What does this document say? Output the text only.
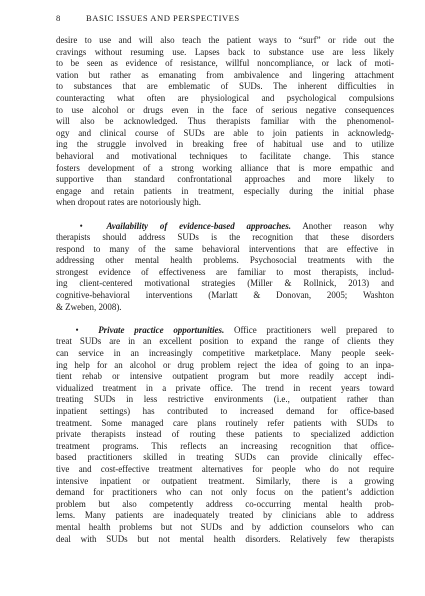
8	BASIC ISSUES AND PERSPECTIVES
desire to use and will also teach the patient ways to “surf” or ride out the
cravings without resuming use. Lapses back to substance use are less likely
to be seen as evidence of resistance, willful noncompliance, or lack of moti-
vation but rather as emanating from ambivalence and lingering attachment
to substances that are emblematic of SUDs. The inherent difficulties in
counteracting what often are physiological and psychological compulsions
to use alcohol or drugs even in the face of serious negative consequences
will also be acknowledged. Thus therapists familiar with the phenomenol-
ogy and clinical course of SUDs are able to join patients in acknowledg-
ing the struggle involved in breaking free of habitual use and to utilize
behavioral and motivational techniques to facilitate change. This stance
fosters development of a strong working alliance that is more empathic and
supportive than standard confrontational approaches and more likely to
engage and retain patients in treatment, especially during the initial phase
when dropout rates are notoriously high.
•	Availability of evidence-based approaches. Another reason why
therapists should address SUDs is the recognition that these disorders
respond to many of the same behavioral interventions that are effective in
addressing other mental health problems. Psychosocial treatments with the
strongest evidence of effectiveness are familiar to most therapists, includ-
ing client-centered motivational strategies (Miller & Rollnick, 2013) and
cognitive-behavioral interventions (Marlatt & Donovan, 2005; Washton
& Zweben, 2008).
• Private practice opportunities. Office practitioners well prepared to
treat SUDs are in an excellent position to expand the range of clients they
can service in an increasingly competitive marketplace. Many people seek-
ing help for an alcohol or drug problem reject the idea of going to an inpa-
tient rehab or intensive outpatient program but more readily accept indi-
vidualized treatment in a private office. The trend in recent years toward
treating SUDs in less restrictive environments (i.e., outpatient rather than
inpatient settings) has contributed to increased demand for office-based
treatment. Some managed care plans routinely refer patients with SUDs to
private therapists instead of routing these patients to specialized addiction
treatment programs. This reflects an increasing recognition that office-
based practitioners skilled in treating SUDs can provide clinically effec-
tive and cost-effective treatment alternatives for people who do not require
intensive inpatient or outpatient treatment. Similarly, there is a growing
demand for practitioners who can not only focus on the patient’s addiction
problem but also competently address co-occurring mental health prob-
lems. Many patients are inadequately treated by clinicians able to address
mental health problems but not SUDs and by addiction counselors who can
deal with SUDs but not mental health disorders. Relatively few therapists
